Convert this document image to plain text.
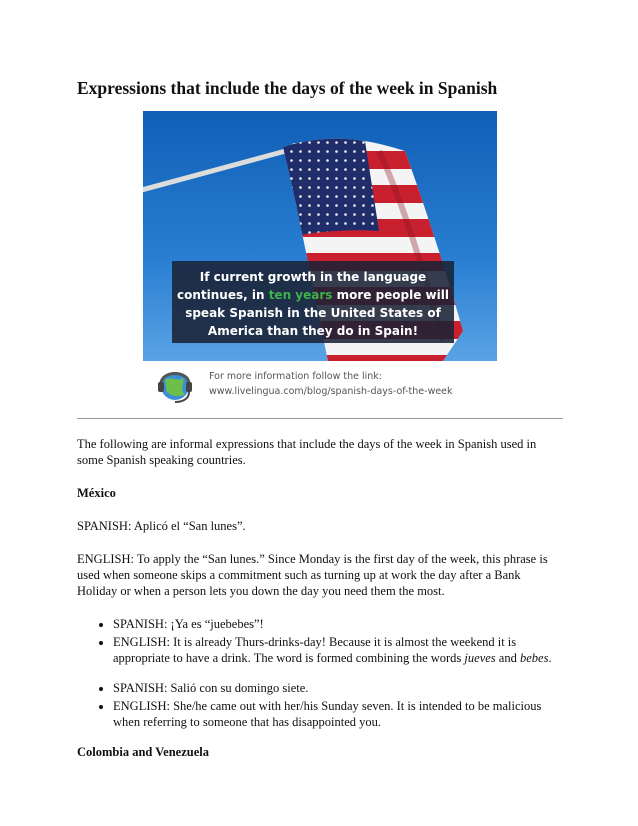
Expressions that include the days of the week in Spanish
If current growth in the language
continues, in ten years more people will
speak Spanish in the United States of
America than they do in Spain!
For more information follow the link:
www.livelingua.com/blog/spanish-days-of-the-week

The following are informal expressions that include the days of the week in Spanish used in some Spanish speaking countries.

México

SPANISH: Aplicó el “San lunes”.

ENGLISH: To apply the “San lunes.” Since Monday is the first day of the week, this phrase is used when someone skips a commitment such as turning up at work the day after a Bank Holiday or when a person lets you down the day you need them the most.

• SPANISH: ¡Ya es “juebebes”!
• ENGLISH: It is already Thurs-drinks-day! Because it is almost the weekend it is appropriate to have a drink. The word is formed combining the words jueves and bebes.
• SPANISH: Salió con su domingo siete.
• ENGLISH: She/he came out with her/his Sunday seven. It is intended to be malicious when referring to someone that has disappointed you.

Colombia and Venezuela
